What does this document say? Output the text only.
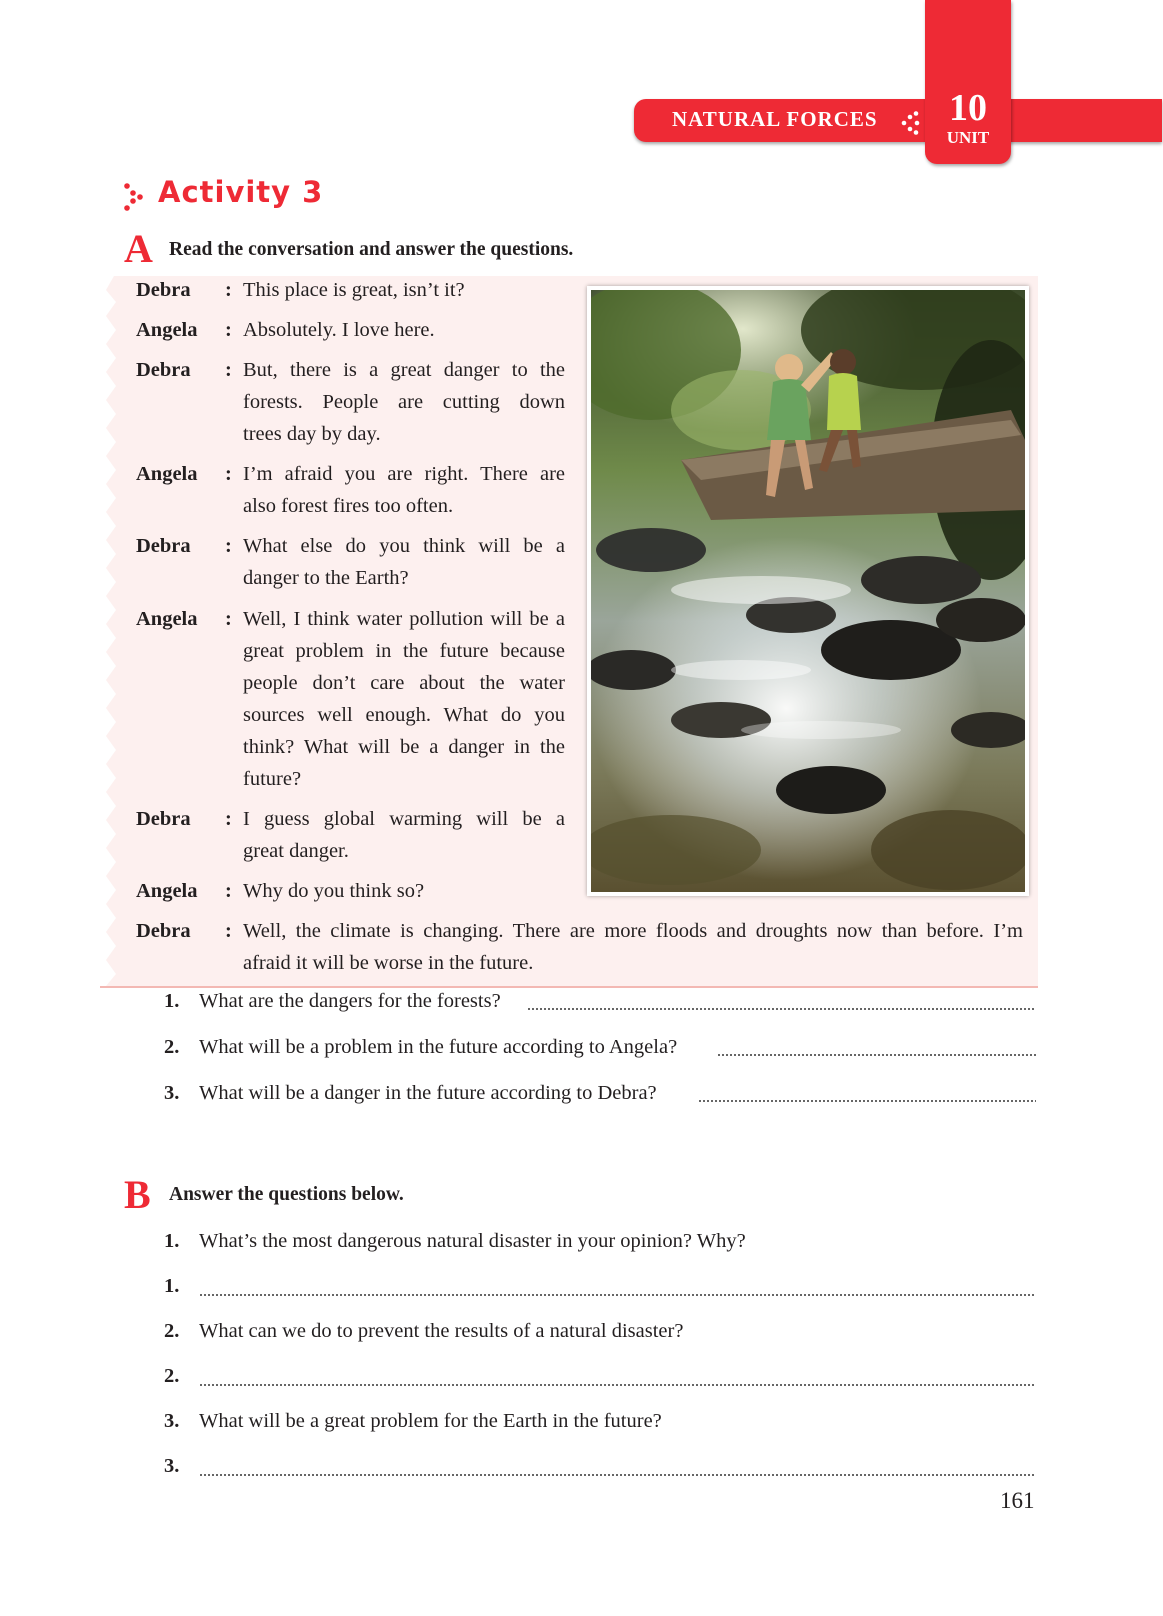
NATURAL FORCES	10
UNIT
Activity 3
A Read the conversation and answer the questions.
Debra : This place is great, isn’t it?
Angela : Absolutely. I love here.
Debra : But, there is a great danger to the
forests. People are cutting down
trees day by day.
Angela : I’m afraid you are right. There are
also forest fires too often.
Debra : What else do you think will be a
danger to the Earth?
Angela : Well, I think water pollution will be a
great problem in the future because
people don’t care about the water
sources well enough. What do you
think? What will be a danger in the
future?
Debra : I guess global warming will be a
great danger.
Angela : Why do you think so?
Debra : Well, the climate is changing. There are more floods and droughts now than before. I’m
afraid it will be worse in the future.
1. What are the dangers for the forests?
2. What will be a problem in the future according to Angela?
3. What will be a danger in the future according to Debra?
B Answer the questions below.
1. What’s the most dangerous natural disaster in your opinion? Why?
1.
2. What can we do to prevent the results of a natural disaster?
2.
3. What will be a great problem for the Earth in the future?
3.
161
